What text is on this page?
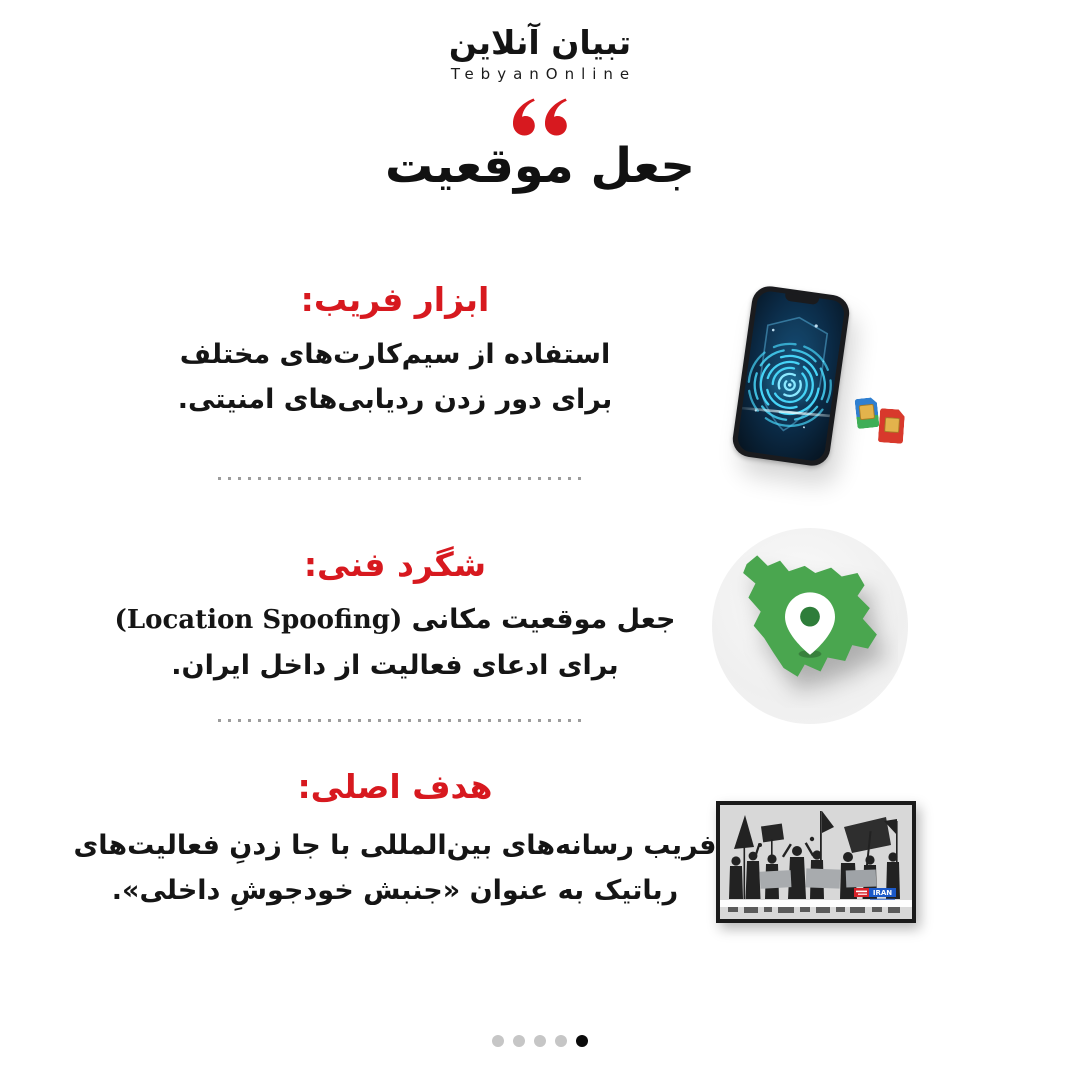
تبیان آنلاین
TebyanOnline
جعل موقعیت
ابزار فریب:

استفاده از سیم‌کارت‌های مختلف

برای دور زدن ردیابی‌های امنیتی.

شگرد فنی:

جعل موقعیت مکانی (Location Spoofing)

برای ادعای فعالیت از داخل ایران.

هدف اصلی:

فریب رسانه‌های بین‌المللی با جا زدنِ فعالیت‌های

رباتیک به عنوان «جنبش خودجوشِ داخلی».	IRAN
